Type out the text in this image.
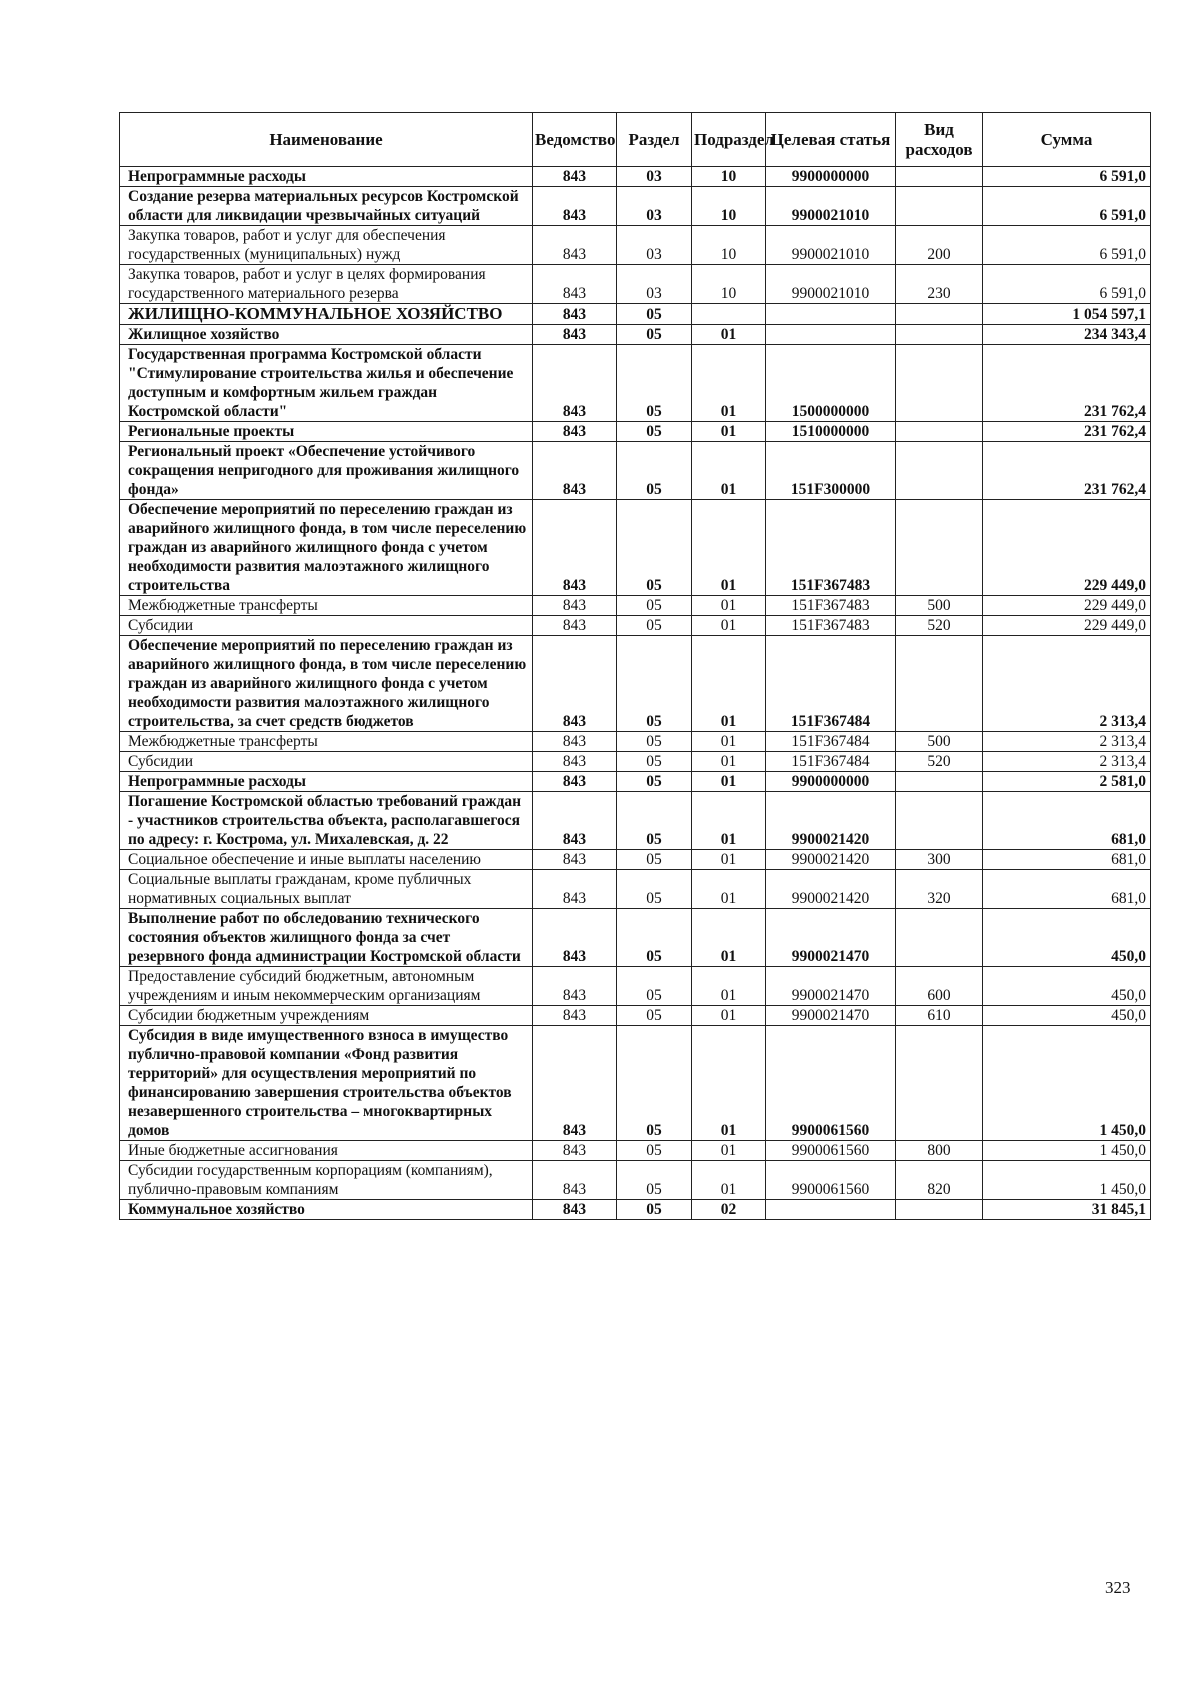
Наименование	Ведомство	Раздел	Подраздел	Целевая статья	Вид расходов	Сумма
Непрограммные расходы	843	03	10	9900000000		6 591,0
Создание резерва материальных ресурсов Костромской области для ликвидации чрезвычайных ситуаций	843	03	10	9900021010		6 591,0
Закупка товаров, работ и услуг для обеспечения государственных (муниципальных) нужд	843	03	10	9900021010	200	6 591,0
Закупка товаров, работ и услуг в целях формирования государственного материального резерва	843	03	10	9900021010	230	6 591,0
ЖИЛИЩНО-КОММУНАЛЬНОЕ ХОЗЯЙСТВО	843	05				1 054 597,1
Жилищное хозяйство	843	05	01			234 343,4
Государственная программа Костромской области "Стимулирование строительства жилья и обеспечение доступным и комфортным жильем граждан Костромской области"	843	05	01	1500000000		231 762,4
Региональные проекты	843	05	01	1510000000		231 762,4
Региональный проект «Обеспечение устойчивого сокращения непригодного для проживания жилищного фонда»	843	05	01	151F300000		231 762,4
Обеспечение мероприятий по переселению граждан из аварийного жилищного фонда, в том числе переселению граждан из аварийного жилищного фонда с учетом необходимости развития малоэтажного жилищного строительства	843	05	01	151F367483		229 449,0
Межбюджетные трансферты	843	05	01	151F367483	500	229 449,0
Субсидии	843	05	01	151F367483	520	229 449,0
Обеспечение мероприятий по переселению граждан из аварийного жилищного фонда, в том числе переселению граждан из аварийного жилищного фонда с учетом необходимости развития малоэтажного жилищного строительства, за счет средств бюджетов	843	05	01	151F367484		2 313,4
Межбюджетные трансферты	843	05	01	151F367484	500	2 313,4
Субсидии	843	05	01	151F367484	520	2 313,4
Непрограммные расходы	843	05	01	9900000000		2 581,0
Погашение Костромской областью требований граждан - участников строительства объекта, располагавшегося по адресу: г. Кострома, ул. Михалевская, д. 22	843	05	01	9900021420		681,0
Социальное обеспечение и иные выплаты населению	843	05	01	9900021420	300	681,0
Социальные выплаты гражданам, кроме публичных нормативных социальных выплат	843	05	01	9900021420	320	681,0
Выполнение работ по обследованию технического состояния объектов жилищного фонда за счет резервного фонда администрации Костромской области	843	05	01	9900021470		450,0
Предоставление субсидий бюджетным, автономным учреждениям и иным некоммерческим организациям	843	05	01	9900021470	600	450,0
Субсидии бюджетным учреждениям	843	05	01	9900021470	610	450,0
Субсидия в виде имущественного взноса в имущество публично-правовой компании «Фонд развития территорий» для осуществления мероприятий по финансированию завершения строительства объектов незавершенного строительства – многоквартирных домов	843	05	01	9900061560		1 450,0
Иные бюджетные ассигнования	843	05	01	9900061560	800	1 450,0
Субсидии государственным корпорациям (компаниям), публично-правовым компаниям	843	05	01	9900061560	820	1 450,0
Коммунальное хозяйство	843	05	02			31 845,1
323
